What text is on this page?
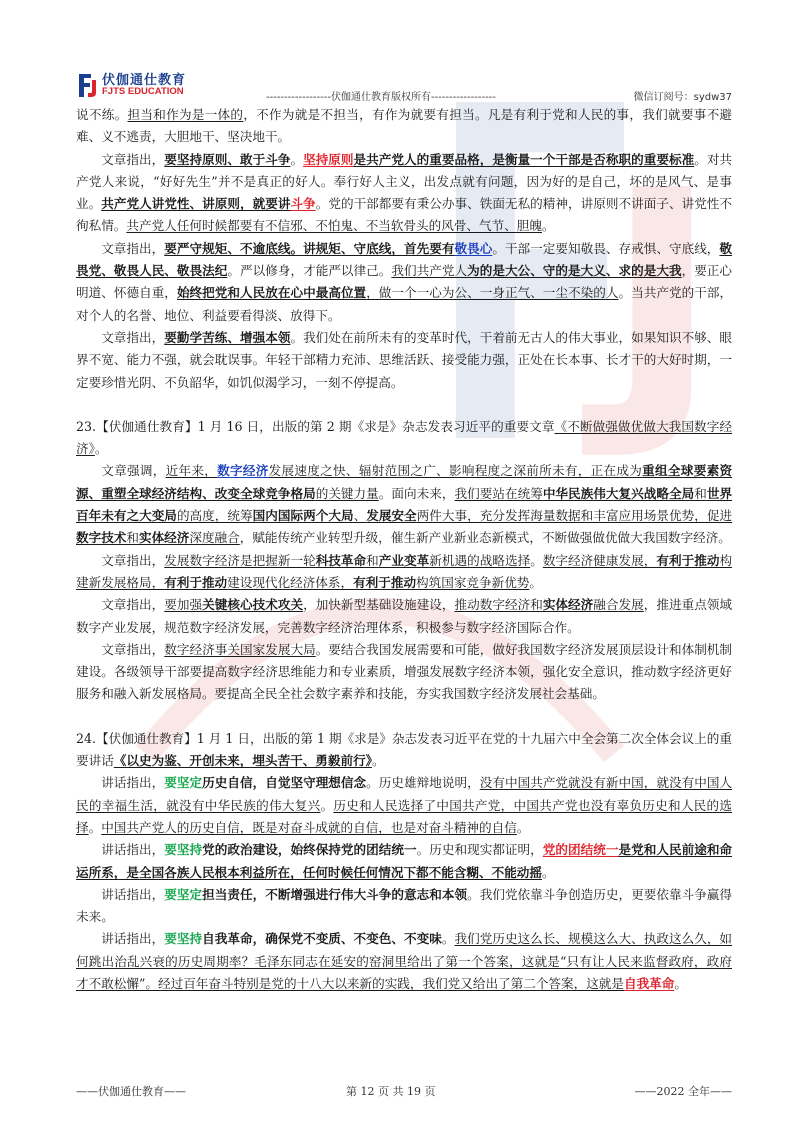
伏伽通仕教育
FJTS EDUCATION
------------------伏伽通仕教育版权所有------------------	微信订阅号：sydw37

说不练。担当和作为是一体的，不作为就是不担当，有作为就要有担当。凡是有利于党和人民的事，我们就要事不避难、义不逃责，大胆地干、坚决地干。

文章指出，要坚持原则、敢于斗争。坚持原则是共产党人的重要品格，是衡量一个干部是否称职的重要标准。对共产党人来说，“好好先生”并不是真正的好人。奉行好人主义，出发点就有问题，因为好的是自己，坏的是风气、是事业。共产党人讲党性、讲原则，就要讲斗争。党的干部都要有秉公办事、铁面无私的精神，讲原则不讲面子、讲党性不徇私情。共产党人任何时候都要有不信邪、不怕鬼、不当软骨头的风骨、气节、胆魄。

文章指出，要严守规矩、不逾底线。讲规矩、守底线，首先要有敬畏心。干部一定要知敬畏、存戒惧、守底线，敬畏党、敬畏人民、敬畏法纪。严以修身，才能严以律己。我们共产党人为的是大公、守的是大义、求的是大我，要正心明道、怀德自重，始终把党和人民放在心中最高位置，做一个一心为公、一身正气、一尘不染的人。当共产党的干部，对个人的名誉、地位、利益要看得淡、放得下。

文章指出，要勤学苦练、增强本领。我们处在前所未有的变革时代，干着前无古人的伟大事业，如果知识不够、眼界不宽、能力不强，就会耽误事。年轻干部精力充沛、思维活跃、接受能力强，正处在长本事、长才干的大好时期，一定要珍惜光阴、不负韶华，如饥似渴学习，一刻不停提高。

23.【伏伽通仕教育】1 月 16 日，出版的第 2 期《求是》杂志发表习近平的重要文章《不断做强做优做大我国数字经济》。

文章强调，近年来，数字经济发展速度之快、辐射范围之广、影响程度之深前所未有，正在成为重组全球要素资源、重塑全球经济结构、改变全球竞争格局的关键力量。面向未来，我们要站在统筹中华民族伟大复兴战略全局和世界百年未有之大变局的高度，统筹国内国际两个大局、发展安全两件大事，充分发挥海量数据和丰富应用场景优势，促进数字技术和实体经济深度融合，赋能传统产业转型升级，催生新产业新业态新模式，不断做强做优做大我国数字经济。

文章指出，发展数字经济是把握新一轮科技革命和产业变革新机遇的战略选择。数字经济健康发展，有利于推动构建新发展格局，有利于推动建设现代化经济体系，有利于推动构筑国家竞争新优势。

文章指出，要加强关键核心技术攻关，加快新型基础设施建设，推动数字经济和实体经济融合发展，推进重点领域数字产业发展，规范数字经济发展，完善数字经济治理体系，积极参与数字经济国际合作。

文章指出，数字经济事关国家发展大局。要结合我国发展需要和可能，做好我国数字经济发展顶层设计和体制机制建设。各级领导干部要提高数字经济思维能力和专业素质，增强发展数字经济本领，强化安全意识，推动数字经济更好服务和融入新发展格局。要提高全民全社会数字素养和技能，夯实我国数字经济发展社会基础。

24.【伏伽通仕教育】1 月 1 日，出版的第 1 期《求是》杂志发表习近平在党的十九届六中全会第二次全体会议上的重要讲话《以史为鉴、开创未来，埋头苦干、勇毅前行》。

讲话指出，要坚定历史自信，自觉坚守理想信念。历史雄辩地说明，没有中国共产党就没有新中国，就没有中国人民的幸福生活，就没有中华民族的伟大复兴。历史和人民选择了中国共产党，中国共产党也没有辜负历史和人民的选择。中国共产党人的历史自信，既是对奋斗成就的自信，也是对奋斗精神的自信。

讲话指出，要坚持党的政治建设，始终保持党的团结统一。历史和现实都证明，党的团结统一是党和人民前途和命运所系，是全国各族人民根本利益所在，任何时候任何情况下都不能含糊、不能动摇。

讲话指出，要坚定担当责任，不断增强进行伟大斗争的意志和本领。我们党依靠斗争创造历史，更要依靠斗争赢得未来。

讲话指出，要坚持自我革命，确保党不变质、不变色、不变味。我们党历史这么长、规模这么大、执政这么久，如何跳出治乱兴衰的历史周期率？毛泽东同志在延安的窑洞里给出了第一个答案，这就是“只有让人民来监督政府，政府才不敢松懈”。经过百年奋斗特别是党的十八大以来新的实践，我们党又给出了第二个答案，这就是自我革命。

——伏伽通仕教育——	第 12 页 共 19 页	——2022 全年——
